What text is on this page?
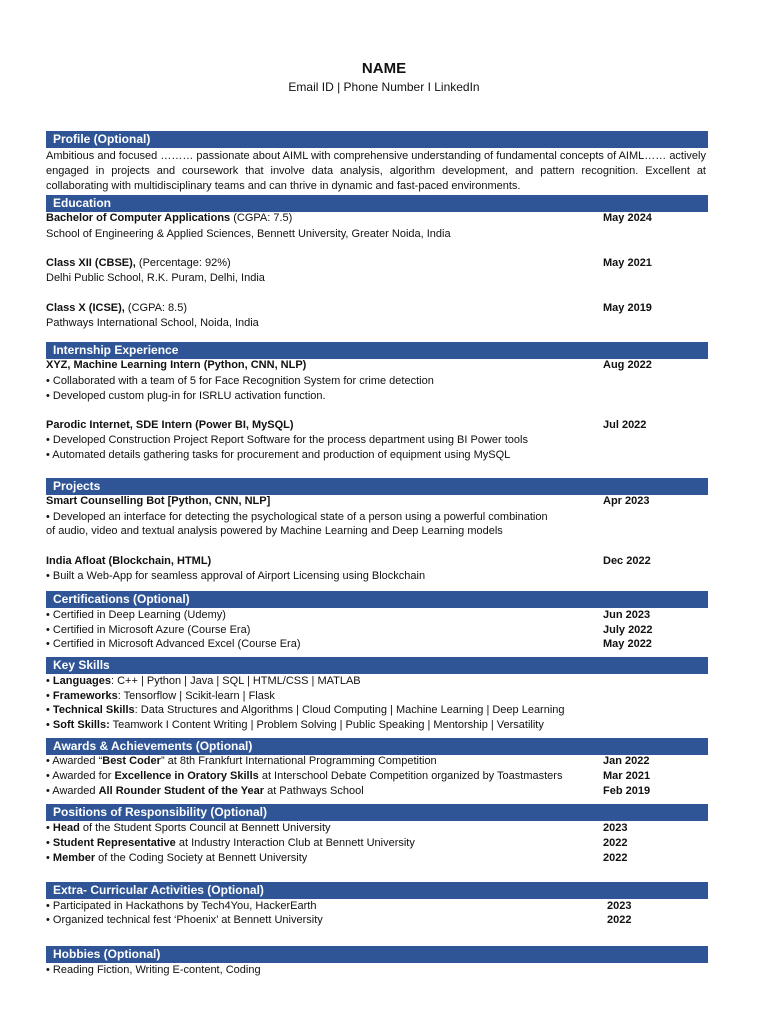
NAME
Email ID | Phone Number I LinkedIn
Profile (Optional)
Ambitious and focused ……… passionate about AIML with comprehensive understanding of fundamental concepts of AIML…… actively engaged in projects and coursework that involve data analysis, algorithm development, and pattern recognition. Excellent at collaborating with multidisciplinary teams and can thrive in dynamic and fast-paced environments.
Education
Bachelor of Computer Applications (CGPA: 7.5)	May 2024
School of Engineering & Applied Sciences, Bennett University, Greater Noida, India
Class XII (CBSE), (Percentage: 92%)	May 2021
Delhi Public School, R.K. Puram, Delhi, India
Class X (ICSE), (CGPA: 8.5)	May 2019
Pathways International School, Noida, India
Internship Experience
XYZ, Machine Learning Intern (Python, CNN, NLP)	Aug 2022
• Collaborated with a team of 5 for Face Recognition System for crime detection
• Developed custom plug-in for ISRLU activation function.
Parodic Internet, SDE Intern (Power BI, MySQL)	Jul 2022
• Developed Construction Project Report Software for the process department using BI Power tools
• Automated details gathering tasks for procurement and production of equipment using MySQL
Projects
Smart Counselling Bot [Python, CNN, NLP]	Apr 2023
• Developed an interface for detecting the psychological state of a person using a powerful combination
of audio, video and textual analysis powered by Machine Learning and Deep Learning models
India Afloat (Blockchain, HTML)	Dec 2022
• Built a Web-App for seamless approval of Airport Licensing using Blockchain
Certifications (Optional)
• Certified in Deep Learning (Udemy)	Jun 2023
• Certified in Microsoft Azure (Course Era)	July 2022
• Certified in Microsoft Advanced Excel (Course Era)	May 2022
Key Skills
• Languages: C++ | Python | Java | SQL | HTML/CSS | MATLAB
• Frameworks: Tensorflow | Scikit-learn | Flask
• Technical Skills: Data Structures and Algorithms | Cloud Computing | Machine Learning | Deep Learning
• Soft Skills: Teamwork I Content Writing | Problem Solving | Public Speaking | Mentorship | Versatility
Awards & Achievements (Optional)
• Awarded “Best Coder” at 8th Frankfurt International Programming Competition	Jan 2022
• Awarded for Excellence in Oratory Skills at Interschool Debate Competition organized by Toastmasters	Mar 2021
• Awarded All Rounder Student of the Year at Pathways School	Feb 2019
Positions of Responsibility (Optional)
• Head of the Student Sports Council at Bennett University	2023
• Student Representative at Industry Interaction Club at Bennett University	2022
• Member of the Coding Society at Bennett University	2022
Extra- Curricular Activities (Optional)
• Participated in Hackathons by Tech4You, HackerEarth	2023
• Organized technical fest ‘Phoenix’ at Bennett University	2022
Hobbies (Optional)
• Reading Fiction, Writing E-content, Coding
